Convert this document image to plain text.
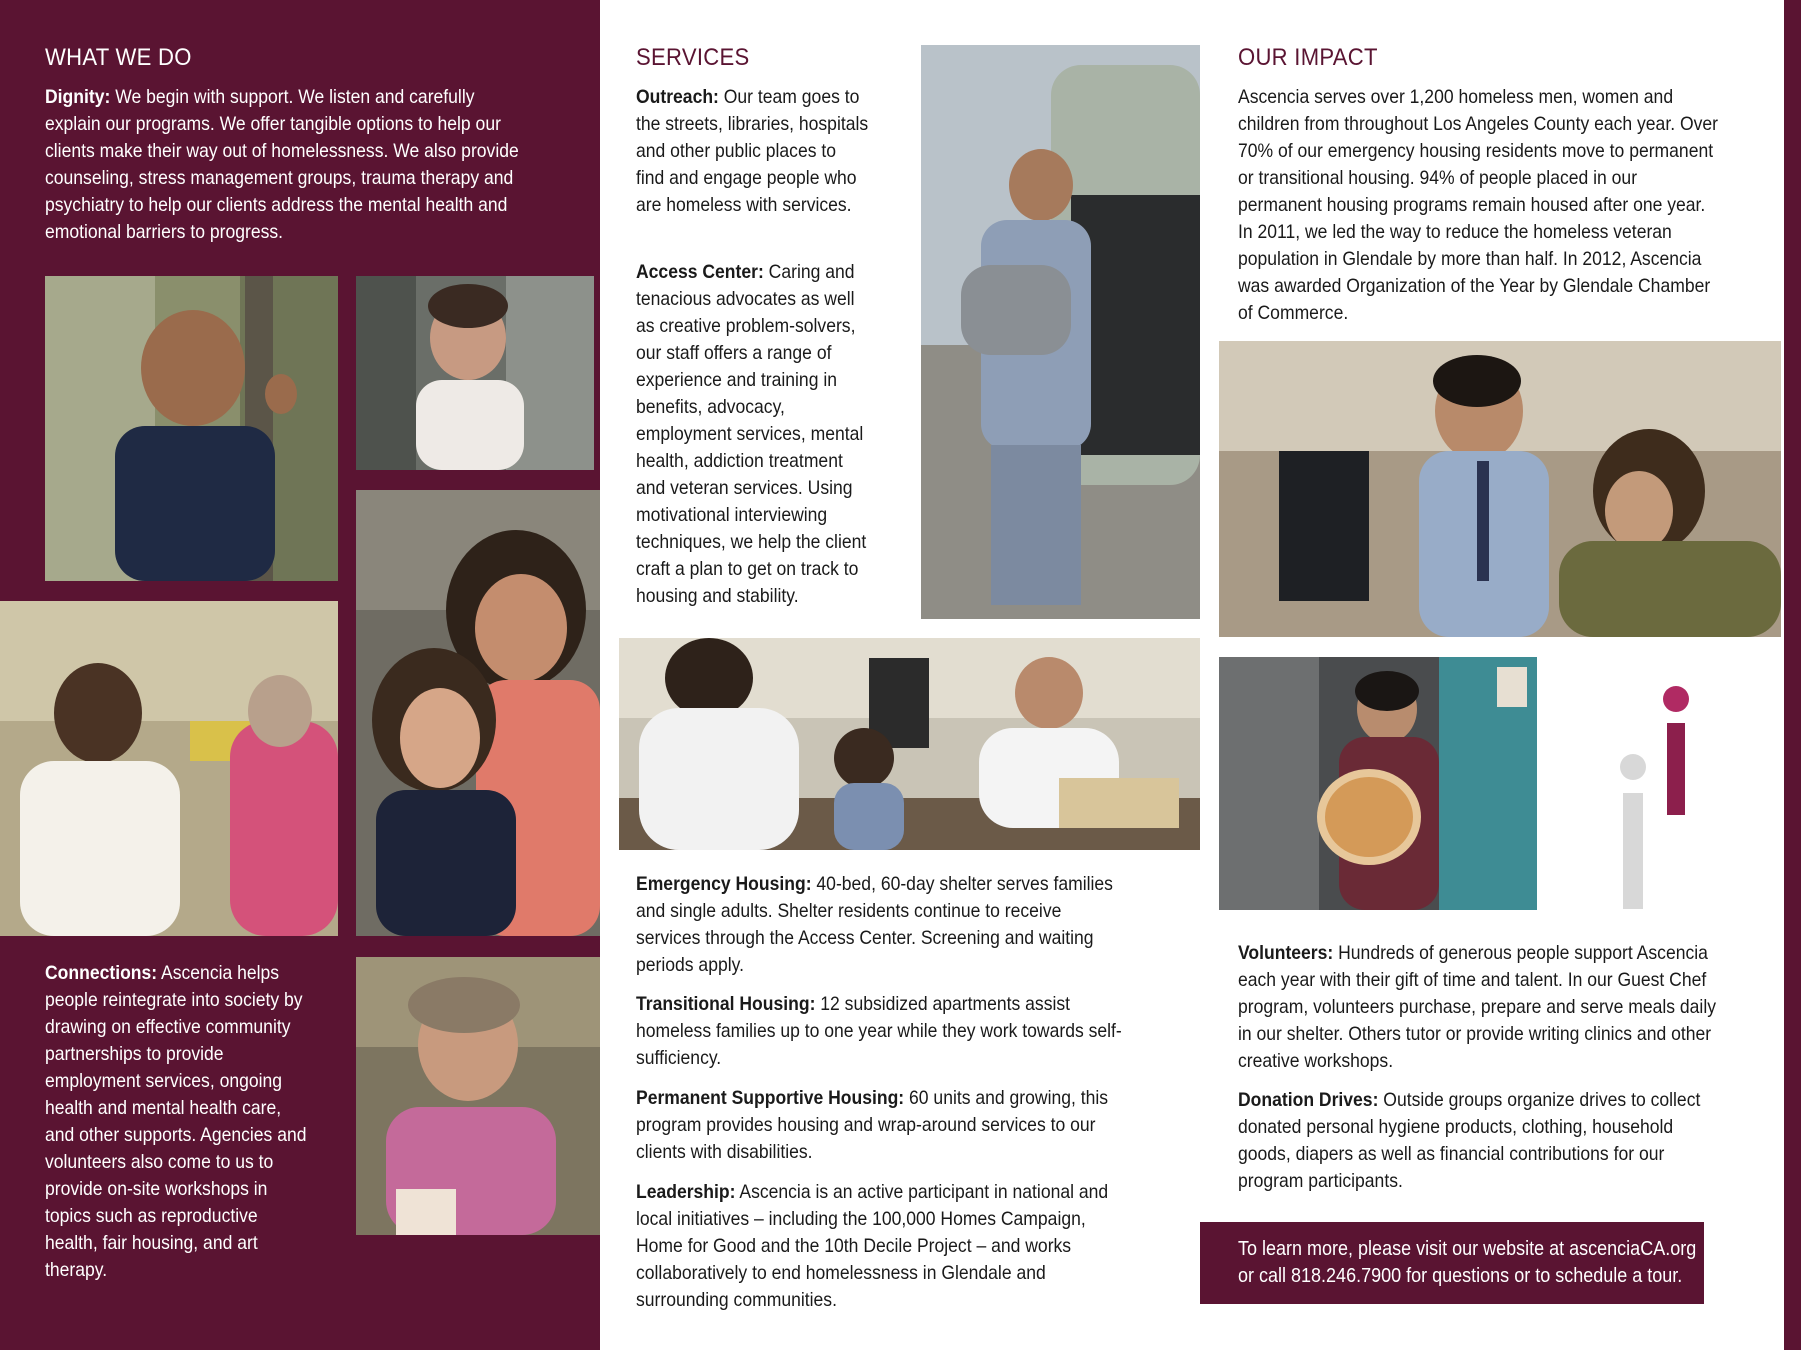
WHAT WE DO
Dignity: We begin with support. We listen and carefully explain our programs. We offer tangible options to help our clients make their way out of homelessness. We also provide counseling, stress management groups, trauma therapy and psychiatry to help our clients address the mental health and emotional barriers to progress.
Connections: Ascencia helps people reintegrate into society by drawing on effective community partnerships to provide employment services, ongoing health and mental health care, and other supports. Agencies and volunteers also come to us to provide on-site workshops in topics such as reproductive health, fair housing, and art therapy.
SERVICES
Outreach: Our team goes to the streets, libraries, hospitals and other public places to find and engage people who are homeless with services.
Access Center: Caring and tenacious advocates as well as creative problem-solvers, our staff offers a range of experience and training in benefits, advocacy, employment services, mental health, addiction treatment and veteran services. Using motivational interviewing techniques, we help the client craft a plan to get on track to housing and stability.
Emergency Housing: 40-bed, 60-day shelter serves families and single adults. Shelter residents continue to receive services through the Access Center. Screening and waiting periods apply.
Transitional Housing: 12 subsidized apartments assist homeless families up to one year while they work towards self-sufficiency.
Permanent Supportive Housing: 60 units and growing, this program provides housing and wrap-around services to our clients with disabilities.
Leadership: Ascencia is an active participant in national and local initiatives – including the 100,000 Homes Campaign, Home for Good and the 10th Decile Project – and works collaboratively to end homelessness in Glendale and surrounding communities.
OUR IMPACT
Ascencia serves over 1,200 homeless men, women and children from throughout Los Angeles County each year. Over 70% of our emergency housing residents move to permanent or transitional housing. 94% of people placed in our permanent housing programs remain housed after one year. In 2011, we led the way to reduce the homeless veteran population in Glendale by more than half. In 2012, Ascencia was awarded Organization of the Year by Glendale Chamber of Commerce.
Volunteers: Hundreds of generous people support Ascencia each year with their gift of time and talent. In our Guest Chef program, volunteers purchase, prepare and serve meals daily in our shelter. Others tutor or provide writing clinics and other creative workshops.
Donation Drives: Outside groups organize drives to collect donated personal hygiene products, clothing, household goods, diapers as well as financial contributions for our program participants.
To learn more, please visit our website at ascenciaCA.org or call 818.246.7900 for questions or to schedule a tour.
